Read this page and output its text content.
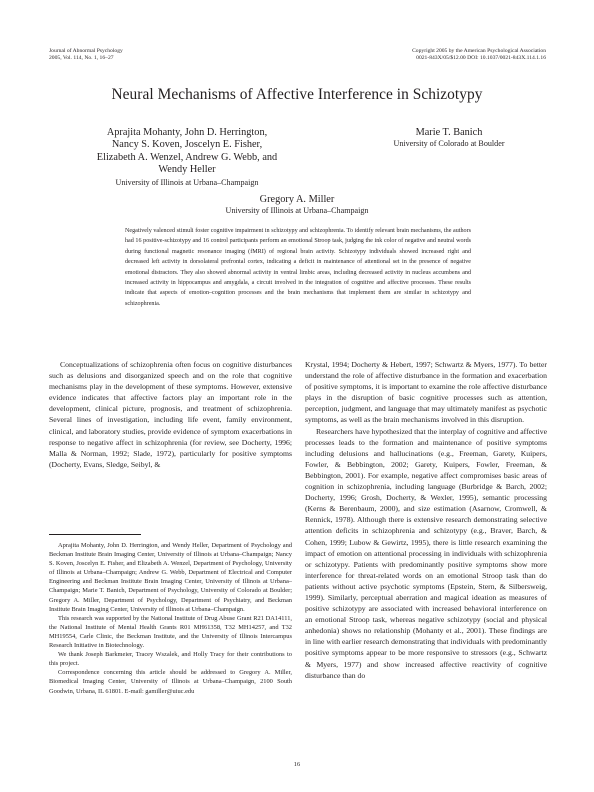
Journal of Abnormal Psychology
2005, Vol. 114, No. 1, 16–27
Copyright 2005 by the American Psychological Association
0021-843X/05/$12.00 DOI: 10.1037/0021-843X.114.1.16
Neural Mechanisms of Affective Interference in Schizotypy
Aprajita Mohanty, John D. Herrington,
Nancy S. Koven, Joscelyn E. Fisher,
Elizabeth A. Wenzel, Andrew G. Webb, and
Wendy Heller
University of Illinois at Urbana–Champaign
Marie T. Banich
University of Colorado at Boulder
Gregory A. Miller
University of Illinois at Urbana–Champaign
Negatively valenced stimuli foster cognitive impairment in schizotypy and schizophrenia. To identify relevant brain mechanisms, the authors had 16 positive-schizotypy and 16 control participants perform an emotional Stroop task, judging the ink color of negative and neutral words during functional magnetic resonance imaging (fMRI) of regional brain activity. Schizotypy individuals showed increased right and decreased left activity in dorsolateral prefrontal cortex, indicating a deficit in maintenance of attentional set in the presence of negative emotional distractors. They also showed abnormal activity in ventral limbic areas, including decreased activity in nucleus accumbens and increased activity in hippocampus and amygdala, a circuit involved in the integration of cognitive and affective processes. These results indicate that aspects of emotion–cognition processes and the brain mechanisms that implement them are similar in schizotypy and schizophrenia.

Conceptualizations of schizophrenia often focus on cognitive disturbances such as delusions and disorganized speech and on the role that cognitive mechanisms play in the development of these symptoms. However, extensive evidence indicates that affective factors play an important role in the development, clinical picture, prognosis, and treatment of schizophrenia. Several lines of investigation, including life event, family environment, clinical, and laboratory studies, provide evidence of symptom exacerbations in response to negative affect in schizophrenia (for review, see Docherty, 1996; Malla & Norman, 1992; Slade, 1972), particularly for positive symptoms (Docherty, Evans, Sledge, Seibyl, &

Krystal, 1994; Docherty & Hebert, 1997; Schwartz & Myers, 1977). To better understand the role of affective disturbance in the formation and exacerbation of positive symptoms, it is important to examine the role affective disturbance plays in the disruption of basic cognitive processes such as attention, perception, judgment, and language that may ultimately manifest as psychotic symptoms, as well as the brain mechanisms involved in this disruption.

Researchers have hypothesized that the interplay of cognitive and affective processes leads to the formation and maintenance of positive symptoms including delusions and hallucinations (e.g., Freeman, Garety, Kuipers, Fowler, & Bebbington, 2002; Garety, Kuipers, Fowler, Freeman, & Bebbington, 2001). For example, negative affect compromises basic areas of cognition in schizophrenia, including language (Burbridge & Barch, 2002; Docherty, 1996; Grosh, Docherty, & Wexler, 1995), semantic processing (Kerns & Berenbaum, 2000), and size estimation (Asarnow, Cromwell, & Rennick, 1978). Although there is extensive research demonstrating selective attention deficits in schizophrenia and schizotypy (e.g., Braver, Barch, & Cohen, 1999; Lubow & Gewirtz, 1995), there is little research examining the impact of emotion on attentional processing in individuals with schizophrenia or schizotypy. Patients with predominantly positive symptoms show more interference for threat-related words on an emotional Stroop task than do patients without active psychotic symptoms (Epstein, Stern, & Silbersweig, 1999). Similarly, perceptual aberration and magical ideation as measures of positive schizotypy are associated with increased behavioral interference on an emotional Stroop task, whereas negative schizotypy (social and physical anhedonia) shows no relationship (Mohanty et al., 2001). These findings are in line with earlier research demonstrating that individuals with predominantly positive symptoms appear to be more responsive to stressors (e.g., Schwartz & Myers, 1977) and show increased affective reactivity of cognitive disturbance than do

Aprajita Mohanty, John D. Herrington, and Wendy Heller, Department of Psychology and Beckman Institute Brain Imaging Center, University of Illinois at Urbana–Champaign; Nancy S. Koven, Joscelyn E. Fisher, and Elizabeth A. Wenzel, Department of Psychology, University of Illinois at Urbana–Champaign; Andrew G. Webb, Department of Electrical and Computer Engineering and Beckman Institute Brain Imaging Center, University of Illinois at Urbana–Champaign; Marie T. Banich, Department of Psychology, University of Colorado at Boulder; Gregory A. Miller, Department of Psychology, Department of Psychiatry, and Beckman Institute Brain Imaging Center, University of Illinois at Urbana–Champaign.

This research was supported by the National Institute of Drug Abuse Grant R21 DA14111, the National Institute of Mental Health Grants R01 MH61358, T32 MH14257, and T32 MH19554, Carle Clinic, the Beckman Institute, and the University of Illinois Intercampus Research Initiative in Biotechnology.

We thank Joseph Barkmeier, Tracey Wszalek, and Holly Tracy for their contributions to this project.

Correspondence concerning this article should be addressed to Gregory A. Miller, Biomedical Imaging Center, University of Illinois at Urbana–Champaign, 2100 South Goodwin, Urbana, IL 61801. E-mail: gamiller@uiuc.edu

16
